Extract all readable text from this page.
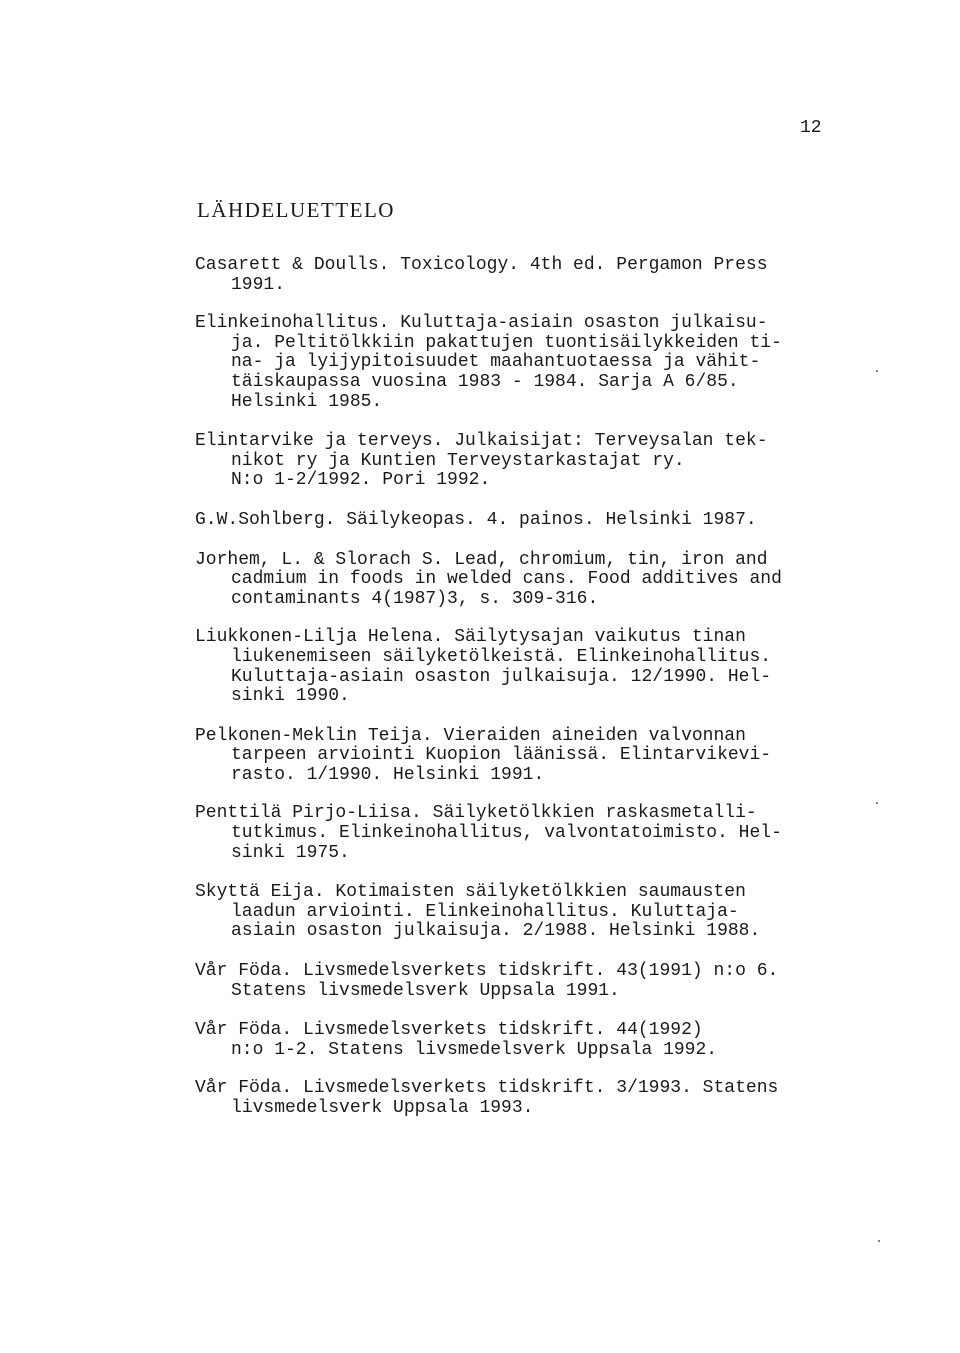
12
LÄHDELUETTELO
Casarett & Doulls. Toxicology. 4th ed. Pergamon Press
1991.
Elinkeinohallitus. Kuluttaja-asiain osaston julkaisu-
ja. Peltitölkkiin pakattujen tuontisäilykkeiden ti-
na- ja lyijypitoisuudet maahantuotaessa ja vähit-
täiskaupassa vuosina 1983 - 1984. Sarja A 6/85.
Helsinki 1985.
Elintarvike ja terveys. Julkaisijat: Terveysalan tek-
nikot ry ja Kuntien Terveystarkastajat ry.
N:o 1-2/1992. Pori 1992.
G.W.Sohlberg. Säilykeopas. 4. painos. Helsinki 1987.
Jorhem, L. & Slorach S. Lead, chromium, tin, iron and
cadmium in foods in welded cans. Food additives and
contaminants 4(1987)3, s. 309-316.
Liukkonen-Lilja Helena. Säilytysajan vaikutus tinan
liukenemiseen säilyketölkeistä. Elinkeinohallitus.
Kuluttaja-asiain osaston julkaisuja. 12/1990. Hel-
sinki 1990.
Pelkonen-Meklin Teija. Vieraiden aineiden valvonnan
tarpeen arviointi Kuopion läänissä. Elintarvikevi-
rasto. 1/1990. Helsinki 1991.
Penttilä Pirjo-Liisa. Säilyketölkkien raskasmetalli-
tutkimus. Elinkeinohallitus, valvontatoimisto. Hel-
sinki 1975.
Skyttä Eija. Kotimaisten säilyketölkkien saumausten
laadun arviointi. Elinkeinohallitus. Kuluttaja-
asiain osaston julkaisuja. 2/1988. Helsinki 1988.
Vår Föda. Livsmedelsverkets tidskrift. 43(1991) n:o 6.
Statens livsmedelsverk Uppsala 1991.
Vår Föda. Livsmedelsverkets tidskrift. 44(1992)
n:o 1-2. Statens livsmedelsverk Uppsala 1992.
Vår Föda. Livsmedelsverkets tidskrift. 3/1993. Statens
livsmedelsverk Uppsala 1993.
